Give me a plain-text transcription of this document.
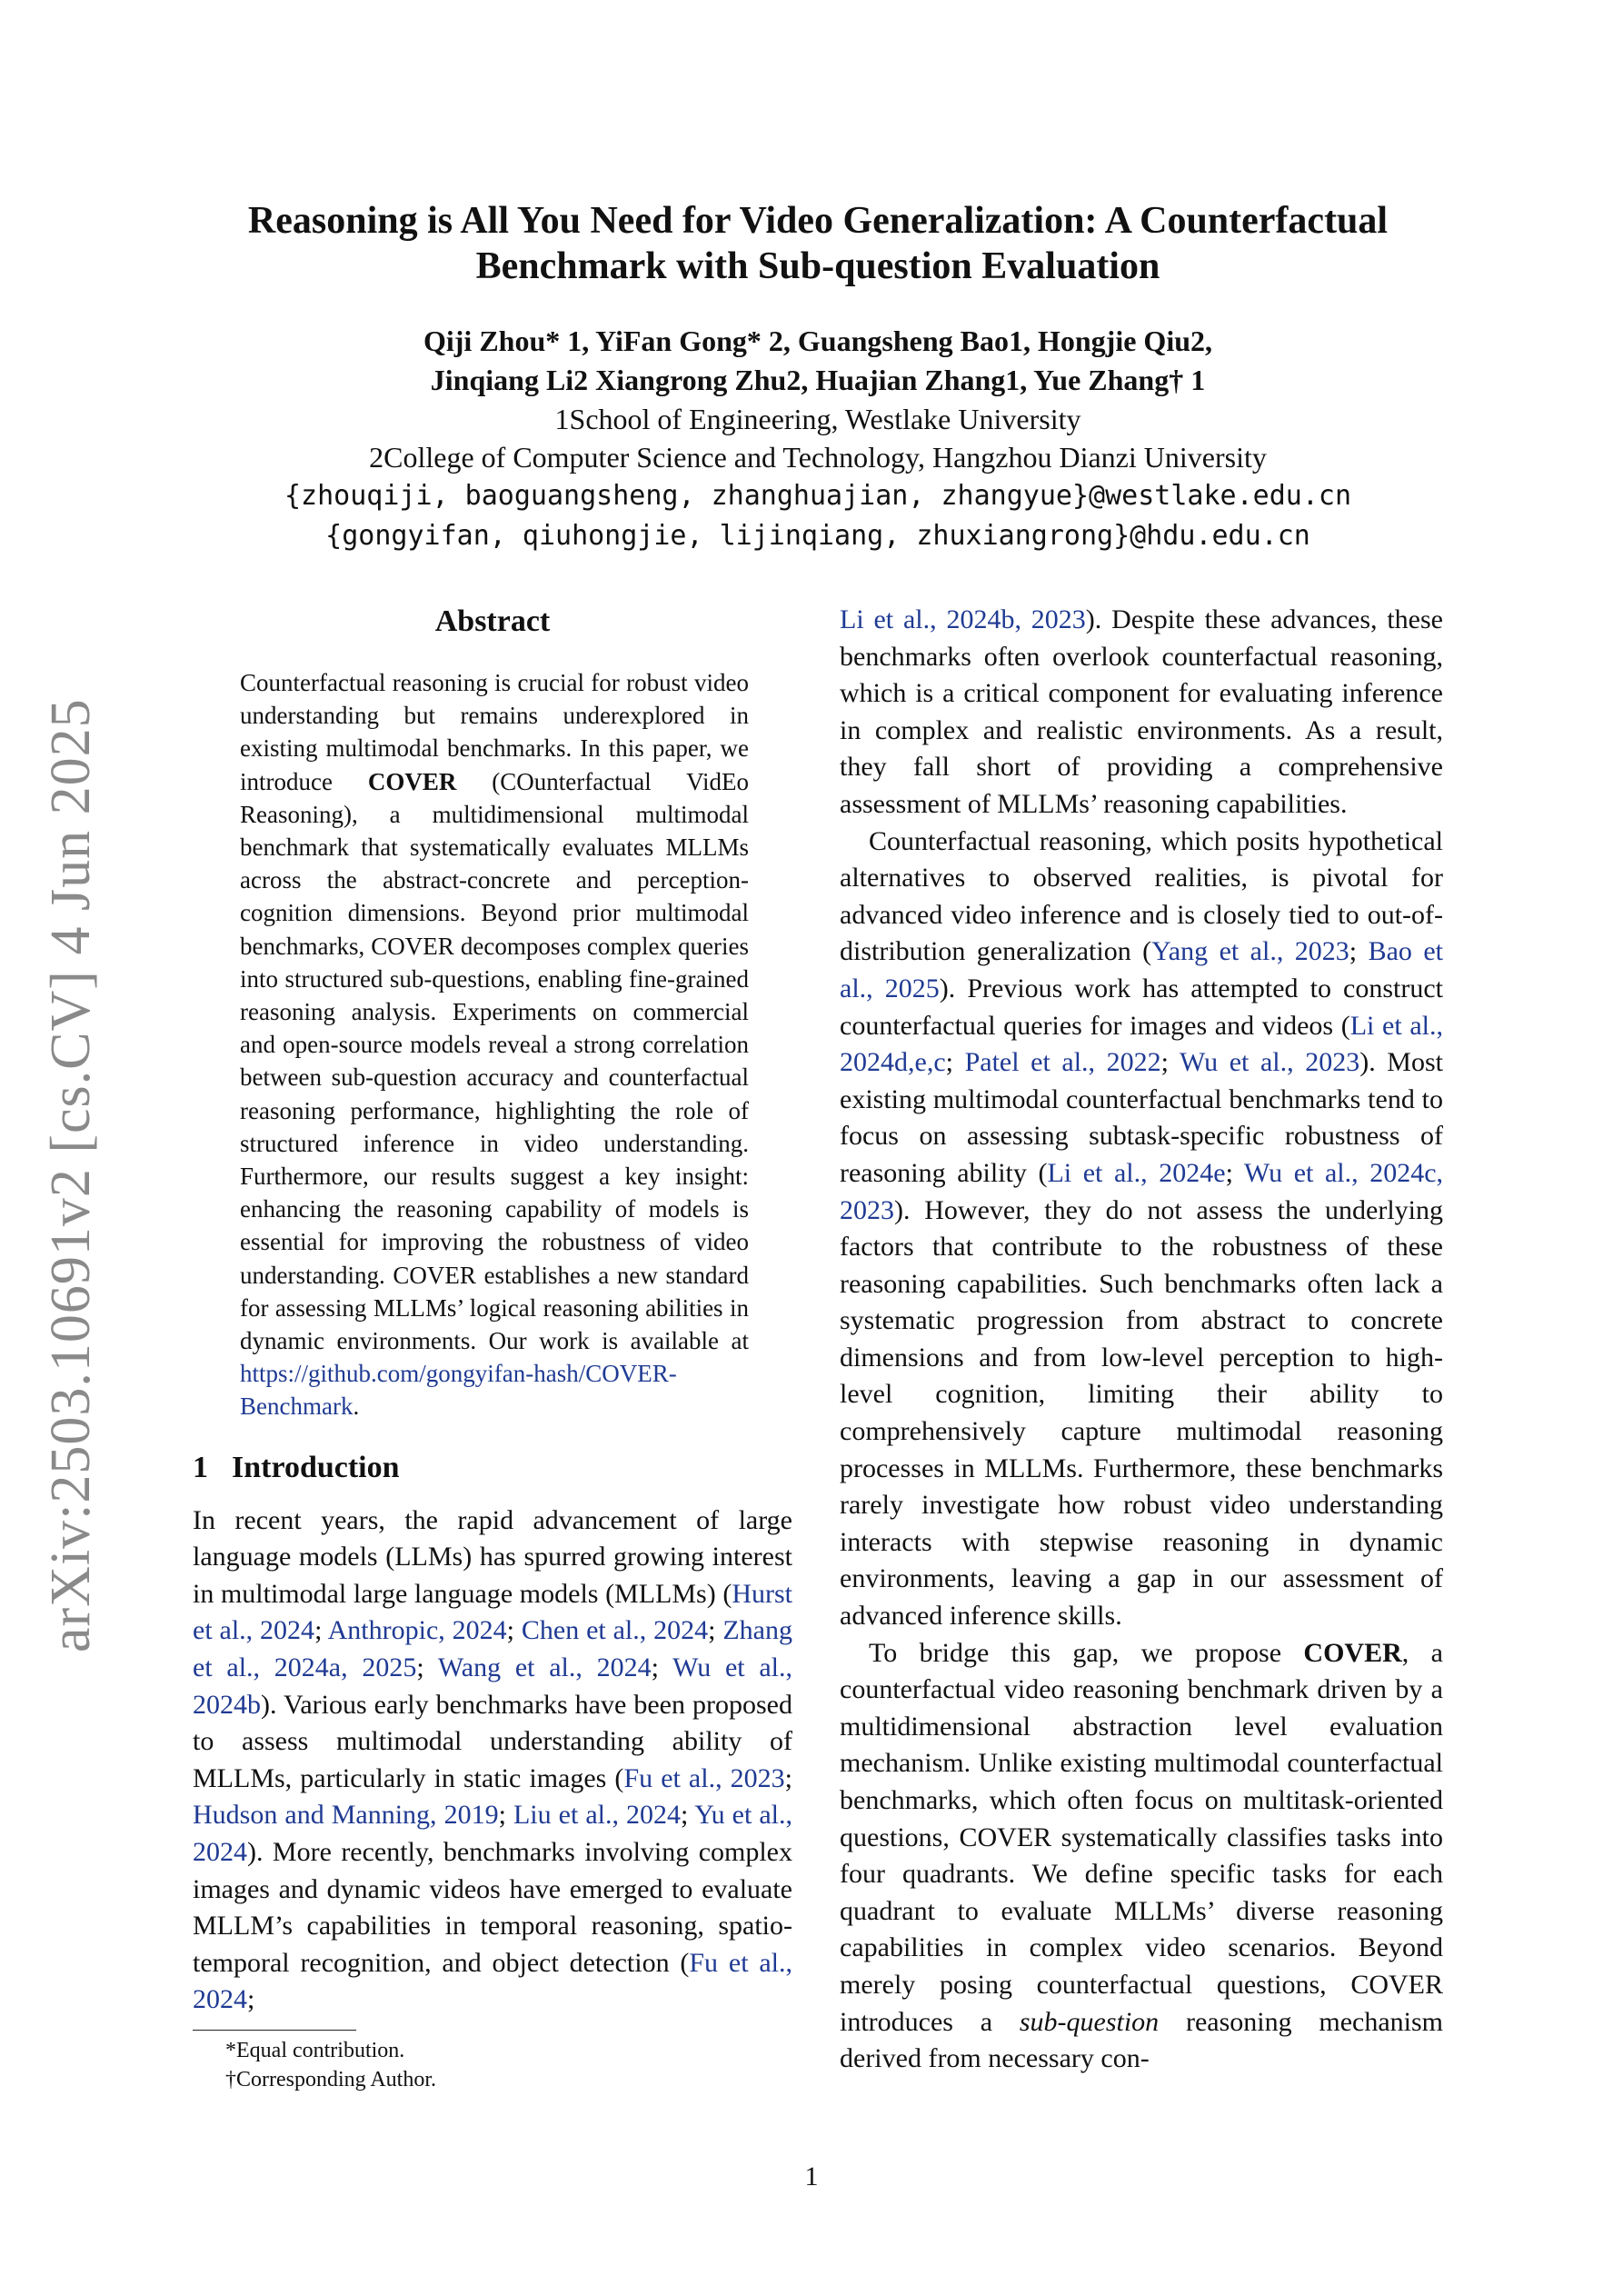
arXiv:2503.10691v2 [cs.CV] 4 Jun 2025
Reasoning is All You Need for Video Generalization: A Counterfactual
Benchmark with Sub-question Evaluation
Qiji Zhou* 1, YiFan Gong* 2, Guangsheng Bao1, Hongjie Qiu2,
Jinqiang Li2 Xiangrong Zhu2, Huajian Zhang1, Yue Zhang† 1
1School of Engineering, Westlake University
2College of Computer Science and Technology, Hangzhou Dianzi University
{zhouqiji, baoguangsheng, zhanghuajian, zhangyue}@westlake.edu.cn
{gongyifan, qiuhongjie, lijinqiang, zhuxiangrong}@hdu.edu.cn
Abstract

Counterfactual reasoning is crucial for robust video understanding but remains underexplored in existing multimodal benchmarks. In this paper, we introduce COVER (COunterfactual VidEo Reasoning), a multidimensional multimodal benchmark that systematically evaluates MLLMs across the abstract-concrete and perception-cognition dimensions. Beyond prior multimodal benchmarks, COVER decomposes complex queries into structured sub-questions, enabling fine-grained reasoning analysis. Experiments on commercial and open-source models reveal a strong correlation between sub-question accuracy and counterfactual reasoning performance, highlighting the role of structured inference in video understanding. Furthermore, our results suggest a key insight: enhancing the reasoning capability of models is essential for improving the robustness of video understanding. COVER establishes a new standard for assessing MLLMs’ logical reasoning abilities in dynamic environments. Our work is available at https://github.com/gongyifan-hash/COVER-Benchmark.

1 Introduction

In recent years, the rapid advancement of large language models (LLMs) has spurred growing interest in multimodal large language models (MLLMs) (Hurst et al., 2024; Anthropic, 2024; Chen et al., 2024; Zhang et al., 2024a, 2025; Wang et al., 2024; Wu et al., 2024b). Various early benchmarks have been proposed to assess multimodal understanding ability of MLLMs, particularly in static images (Fu et al., 2023; Hudson and Manning, 2019; Liu et al., 2024; Yu et al., 2024). More recently, benchmarks involving complex images and dynamic videos have emerged to evaluate MLLM’s capabilities in temporal reasoning, spatio-temporal recognition, and object detection (Fu et al., 2024;

*Equal contribution.
†Corresponding Author.

Li et al., 2024b, 2023). Despite these advances, these benchmarks often overlook counterfactual reasoning, which is a critical component for evaluating inference in complex and realistic environments. As a result, they fall short of providing a comprehensive assessment of MLLMs’ reasoning capabilities.

Counterfactual reasoning, which posits hypothetical alternatives to observed realities, is pivotal for advanced video inference and is closely tied to out-of-distribution generalization (Yang et al., 2023; Bao et al., 2025). Previous work has attempted to construct counterfactual queries for images and videos (Li et al., 2024d,e,c; Patel et al., 2022; Wu et al., 2023). Most existing multimodal counterfactual benchmarks tend to focus on assessing subtask-specific robustness of reasoning ability (Li et al., 2024e; Wu et al., 2024c, 2023). However, they do not assess the underlying factors that contribute to the robustness of these reasoning capabilities. Such benchmarks often lack a systematic progression from abstract to concrete dimensions and from low-level perception to high-level cognition, limiting their ability to comprehensively capture multimodal reasoning processes in MLLMs. Furthermore, these benchmarks rarely investigate how robust video understanding interacts with stepwise reasoning in dynamic environments, leaving a gap in our assessment of advanced inference skills.

To bridge this gap, we propose COVER, a counterfactual video reasoning benchmark driven by a multidimensional abstraction level evaluation mechanism. Unlike existing multimodal counterfactual benchmarks, which often focus on multitask-oriented questions, COVER systematically classifies tasks into four quadrants. We define specific tasks for each quadrant to evaluate MLLMs’ diverse reasoning capabilities in complex video scenarios. Beyond merely posing counterfactual questions, COVER introduces a sub-question reasoning mechanism derived from necessary con-

1
